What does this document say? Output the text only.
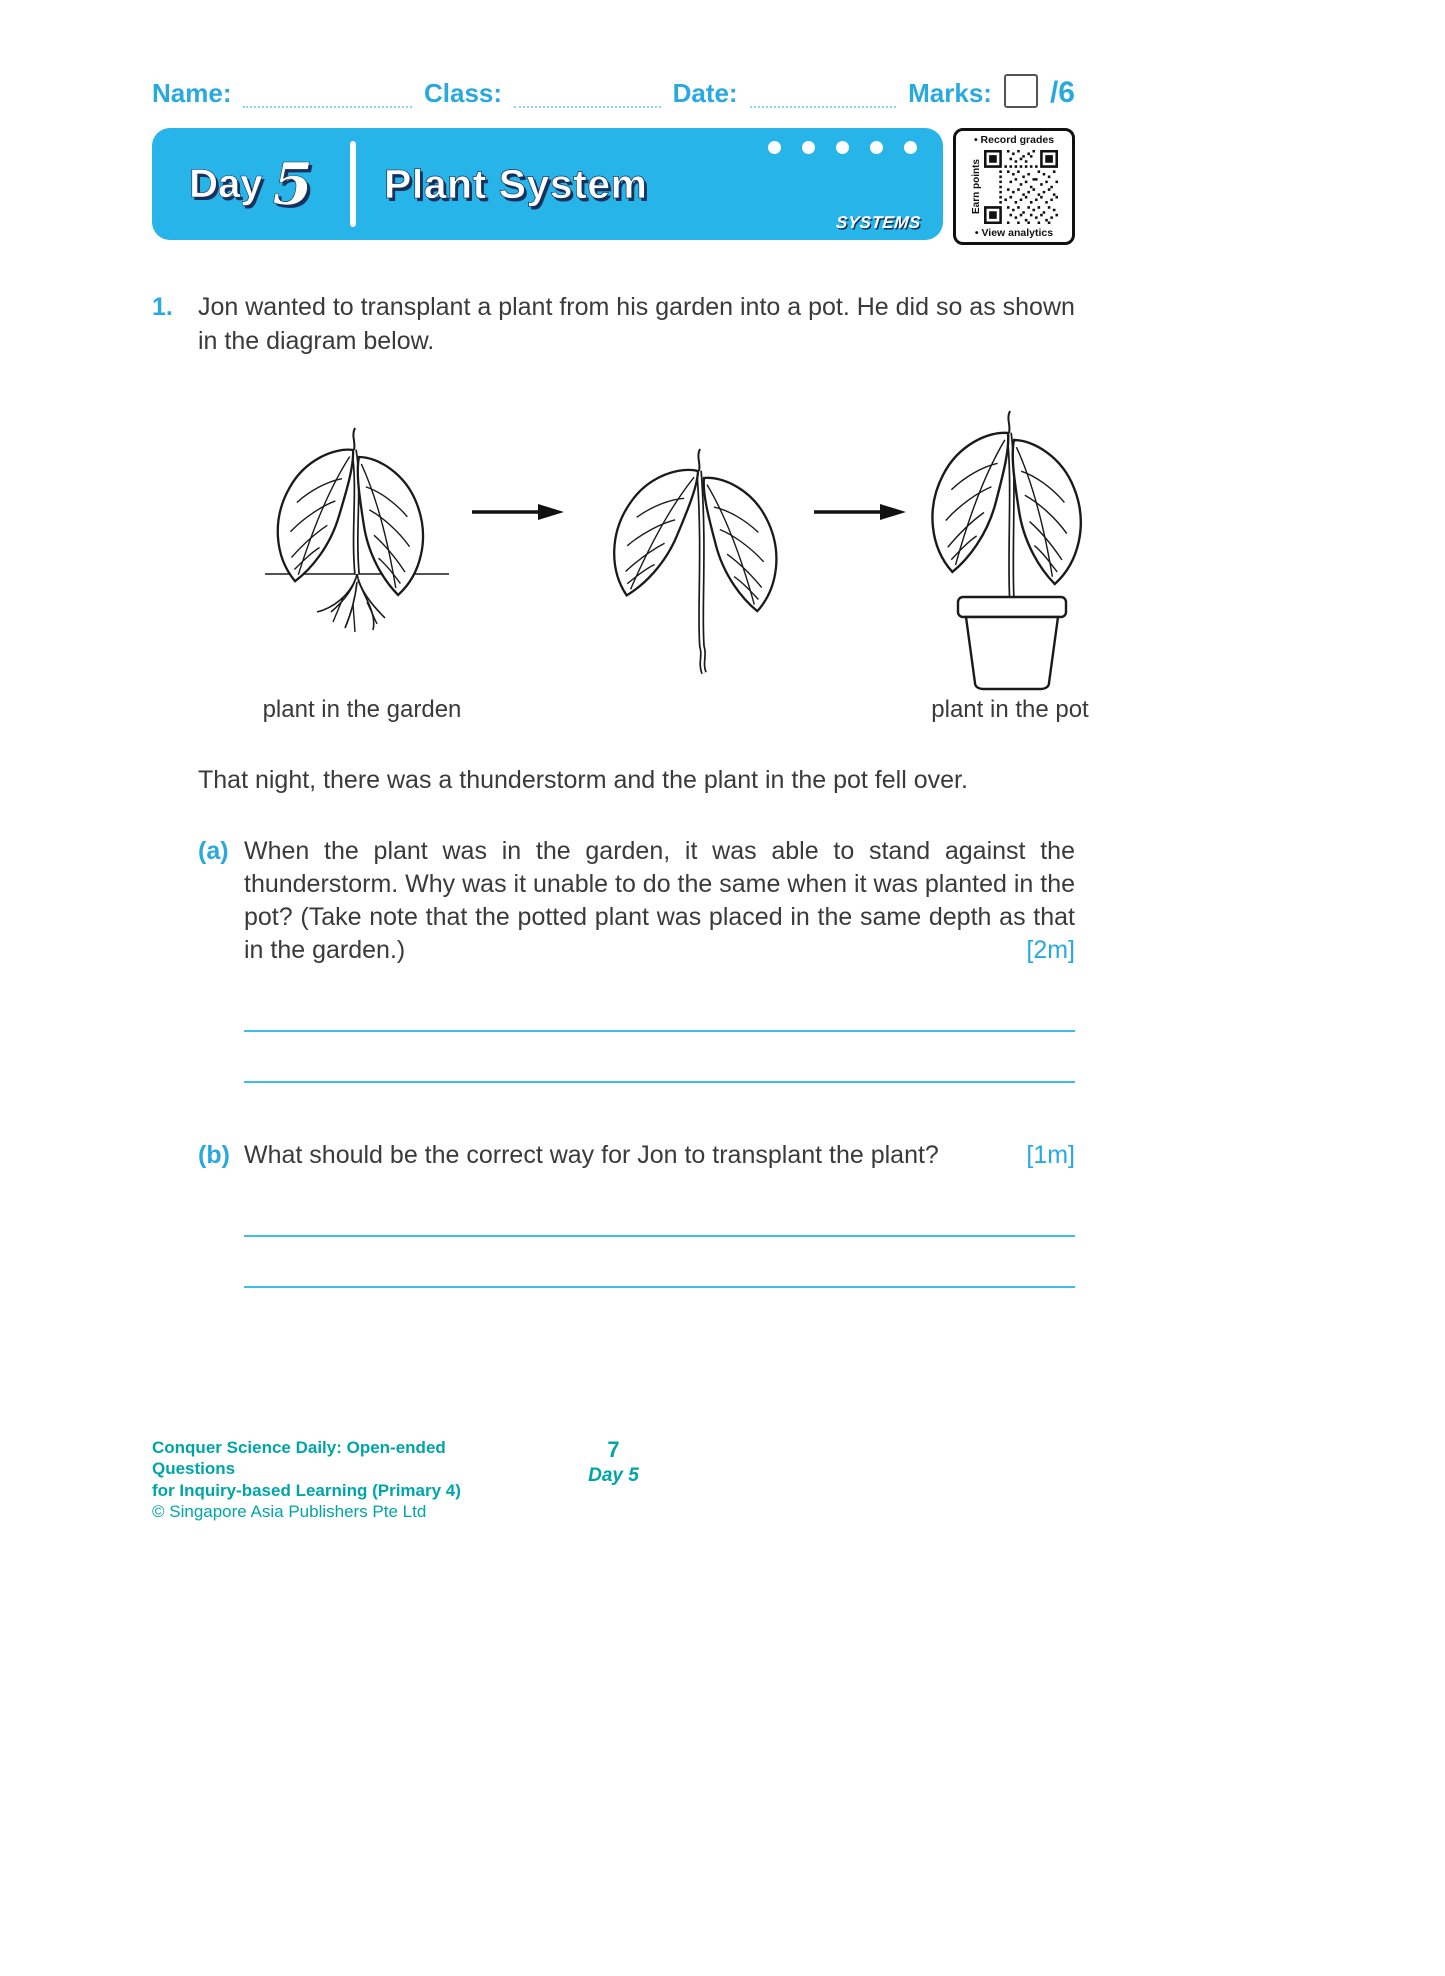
Name:	Class:	Date:	Marks: /6
Day 5 Plant System
SYSTEMS
• Record grades
Earn points
• View analytics
1.	Jon wanted to transplant a plant from his garden into a pot. He did so as shown in the diagram below.
plant in the garden	plant in the pot
That night, there was a thunderstorm and the plant in the pot fell over.
(a) When the plant was in the garden, it was able to stand against the thunderstorm. Why was it unable to do the same when it was planted in the pot? (Take note that the potted plant was placed in the same depth as that in the garden.)	[2m]
(b) What should be the correct way for Jon to transplant the plant?	[1m]
7
Day 5
Conquer Science Daily: Open-ended Questions
for Inquiry-based Learning (Primary 4)
© Singapore Asia Publishers Pte Ltd
